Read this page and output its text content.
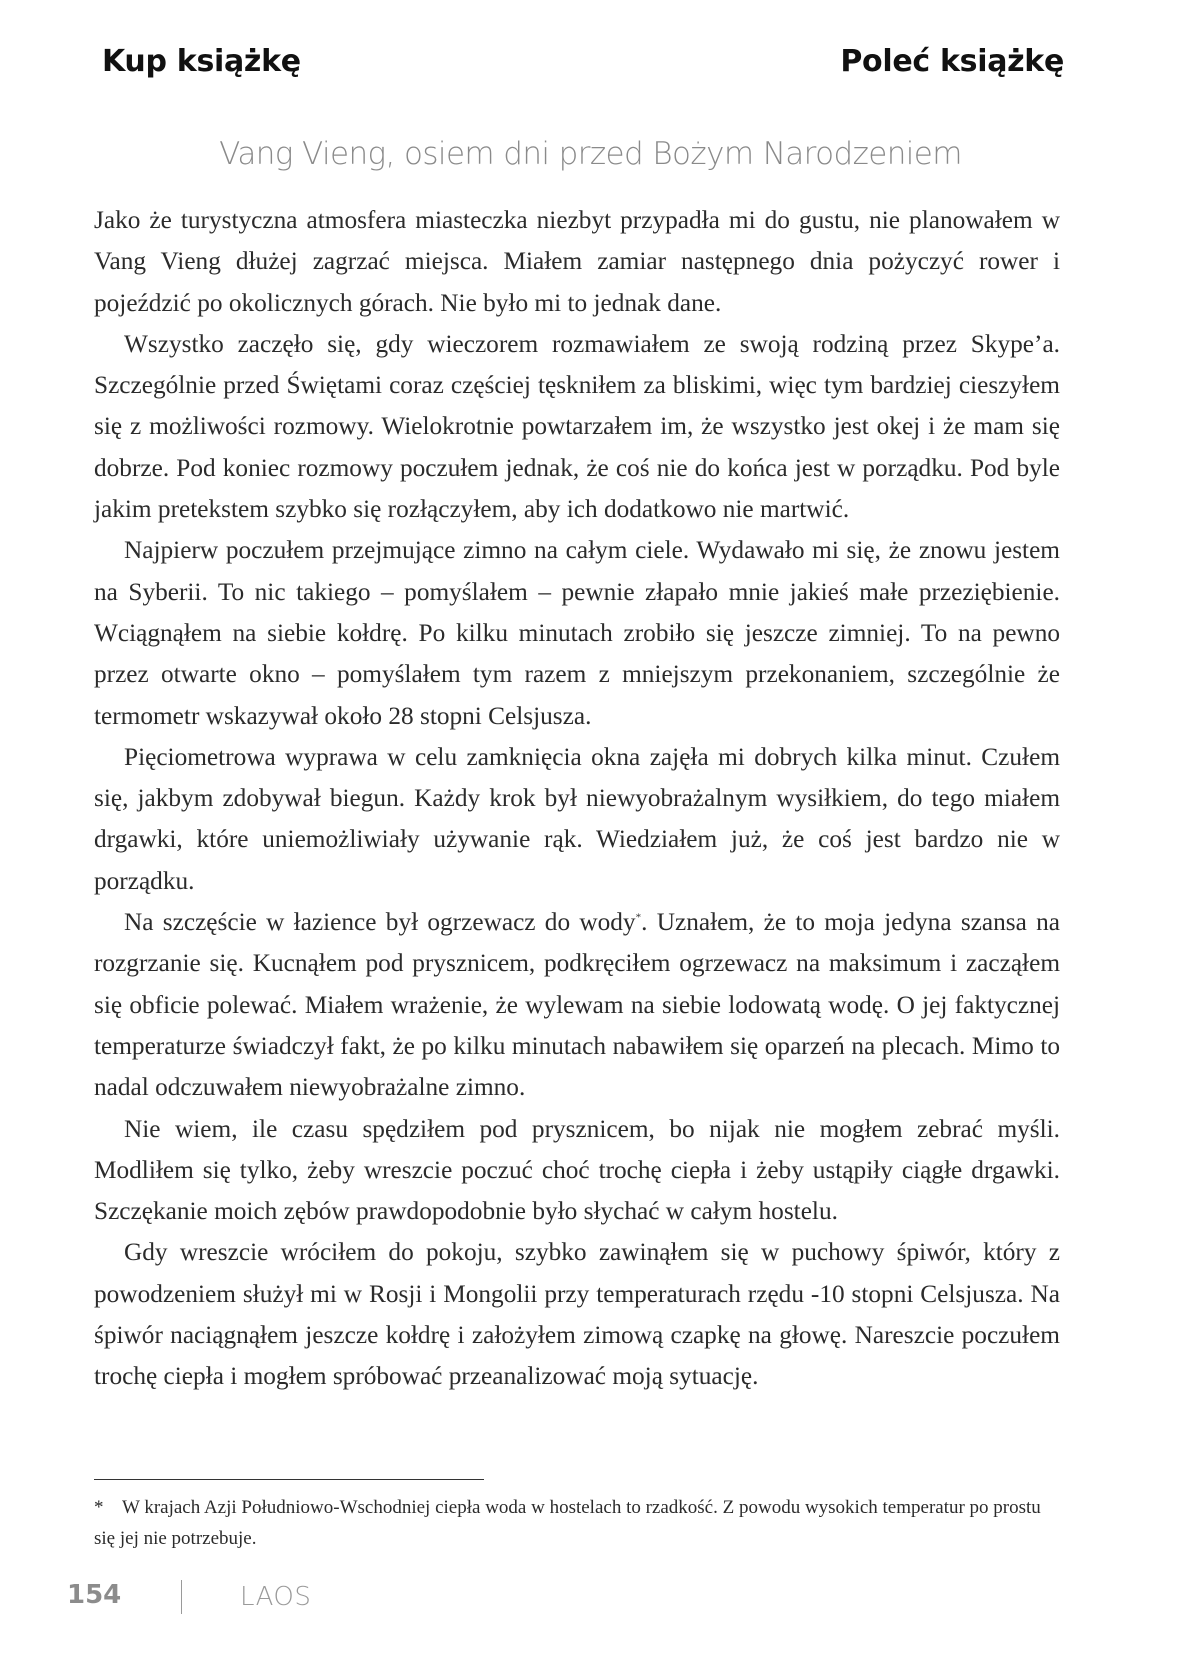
Kup książkę	Poleć książkę
Vang Vieng, osiem dni przed Bożym Narodzeniem

Jako że turystyczna atmosfera miasteczka niezbyt przypadła mi do gustu, nie planowałem w Vang Vieng dłużej zagrzać miejsca. Miałem zamiar następnego dnia pożyczyć rower i pojeździć po okolicznych górach. Nie było mi to jednak dane.

Wszystko zaczęło się, gdy wieczorem rozmawiałem ze swoją rodziną przez Skype’a. Szczególnie przed Świętami coraz częściej tęskniłem za bliskimi, więc tym bardziej cieszyłem się z możliwości rozmowy. Wielokrotnie powtarzałem im, że wszystko jest okej i że mam się dobrze. Pod koniec rozmowy poczułem jednak, że coś nie do końca jest w porządku. Pod byle jakim pretekstem szybko się rozłączyłem, aby ich dodatkowo nie martwić.

Najpierw poczułem przejmujące zimno na całym ciele. Wydawało mi się, że znowu jestem na Syberii. To nic takiego – pomyślałem – pewnie złapało mnie jakieś małe przeziębienie. Wciągnąłem na siebie kołdrę. Po kilku minutach zrobiło się jeszcze zimniej. To na pewno przez otwarte okno – pomyślałem tym razem z mniejszym przekonaniem, szczególnie że termometr wskazywał około 28 stopni Celsjusza.

Pięciometrowa wyprawa w celu zamknięcia okna zajęła mi dobrych kilka minut. Czułem się, jakbym zdobywał biegun. Każdy krok był niewyobrażalnym wysiłkiem, do tego miałem drgawki, które uniemożliwiały używanie rąk. Wiedziałem już, że coś jest bardzo nie w porządku.

Na szczęście w łazience był ogrzewacz do wody*. Uznałem, że to moja jedyna szansa na rozgrzanie się. Kucnąłem pod prysznicem, podkręciłem ogrzewacz na maksimum i zacząłem się obficie polewać. Miałem wrażenie, że wylewam na siebie lodowatą wodę. O jej faktycznej temperaturze świadczył fakt, że po kilku minutach nabawiłem się oparzeń na plecach. Mimo to nadal odczuwałem niewyobrażalne zimno.

Nie wiem, ile czasu spędziłem pod prysznicem, bo nijak nie mogłem zebrać myśli. Modliłem się tylko, żeby wreszcie poczuć choć trochę ciepła i żeby ustąpiły ciągłe drgawki. Szczękanie moich zębów prawdopodobnie było słychać w całym hostelu.

Gdy wreszcie wróciłem do pokoju, szybko zawinąłem się w puchowy śpiwór, który z powodzeniem służył mi w Rosji i Mongolii przy temperaturach rzędu -10 stopni Celsjusza. Na śpiwór naciągnąłem jeszcze kołdrę i założyłem zimową czapkę na głowę. Nareszcie poczułem trochę ciepła i mogłem spróbować przeanalizować moją sytuację.

* W krajach Azji Południowo-Wschodniej ciepła woda w hostelach to rzadkość. Z powodu wysokich temperatur po prostu się jej nie potrzebuje.
154	LAOS
